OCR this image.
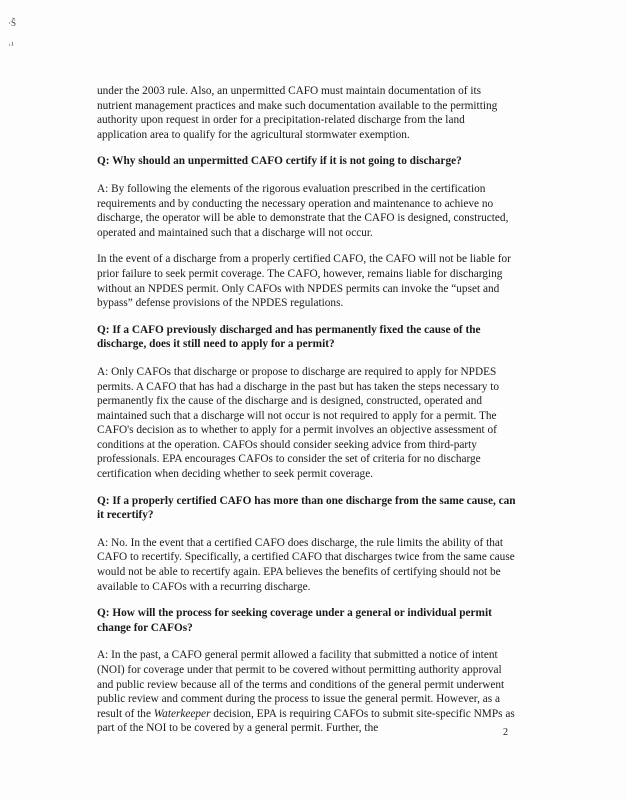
·Š
·¹

under the 2003 rule. Also, an unpermitted CAFO must maintain documentation of its nutrient management practices and make such documentation available to the permitting authority upon request in order for a precipitation-related discharge from the land application area to qualify for the agricultural stormwater exemption.

Q: Why should an unpermitted CAFO certify if it is not going to discharge?

A: By following the elements of the rigorous evaluation prescribed in the certification requirements and by conducting the necessary operation and maintenance to achieve no discharge, the operator will be able to demonstrate that the CAFO is designed, constructed, operated and maintained such that a discharge will not occur.

In the event of a discharge from a properly certified CAFO, the CAFO will not be liable for prior failure to seek permit coverage. The CAFO, however, remains liable for discharging without an NPDES permit. Only CAFOs with NPDES permits can invoke the “upset and bypass” defense provisions of the NPDES regulations.

Q: If a CAFO previously discharged and has permanently fixed the cause of the discharge, does it still need to apply for a permit?

A: Only CAFOs that discharge or propose to discharge are required to apply for NPDES permits. A CAFO that has had a discharge in the past but has taken the steps necessary to permanently fix the cause of the discharge and is designed, constructed, operated and maintained such that a discharge will not occur is not required to apply for a permit. The CAFO's decision as to whether to apply for a permit involves an objective assessment of conditions at the operation. CAFOs should consider seeking advice from third-party professionals. EPA encourages CAFOs to consider the set of criteria for no discharge certification when deciding whether to seek permit coverage.

Q: If a properly certified CAFO has more than one discharge from the same cause, can it recertify?

A: No. In the event that a certified CAFO does discharge, the rule limits the ability of that CAFO to recertify. Specifically, a certified CAFO that discharges twice from the same cause would not be able to recertify again. EPA believes the benefits of certifying should not be available to CAFOs with a recurring discharge.

Q: How will the process for seeking coverage under a general or individual permit change for CAFOs?

A: In the past, a CAFO general permit allowed a facility that submitted a notice of intent (NOI) for coverage under that permit to be covered without permitting authority approval and public review because all of the terms and conditions of the general permit underwent public review and comment during the process to issue the general permit. However, as a result of the Waterkeeper decision, EPA is requiring CAFOs to submit site-specific NMPs as part of the NOI to be covered by a general permit. Further, the	2
